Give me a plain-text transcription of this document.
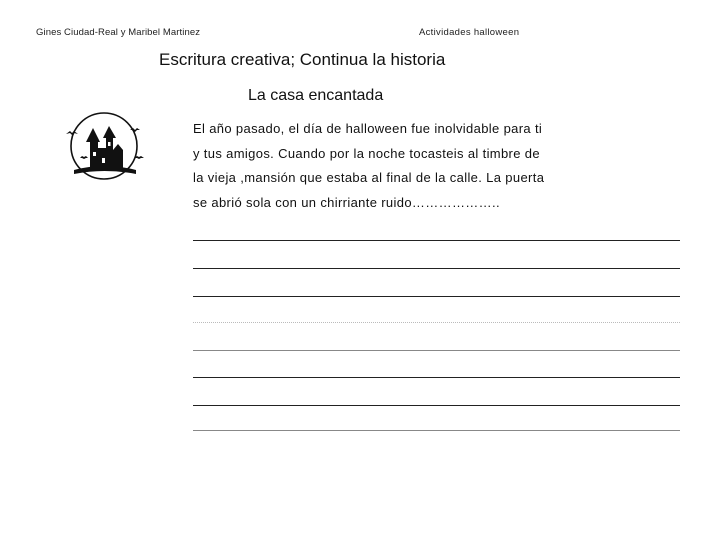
Gines Ciudad-Real y Maribel Martinez	Actividades halloween
Escritura creativa; Continua la historia
La casa encantada
El año pasado, el día de halloween fue inolvidable para ti
y tus amigos. Cuando por la noche tocasteis al timbre de
la vieja ,mansión que estaba al final de la calle. La puerta
se abrió sola con un chirriante ruido………………..
